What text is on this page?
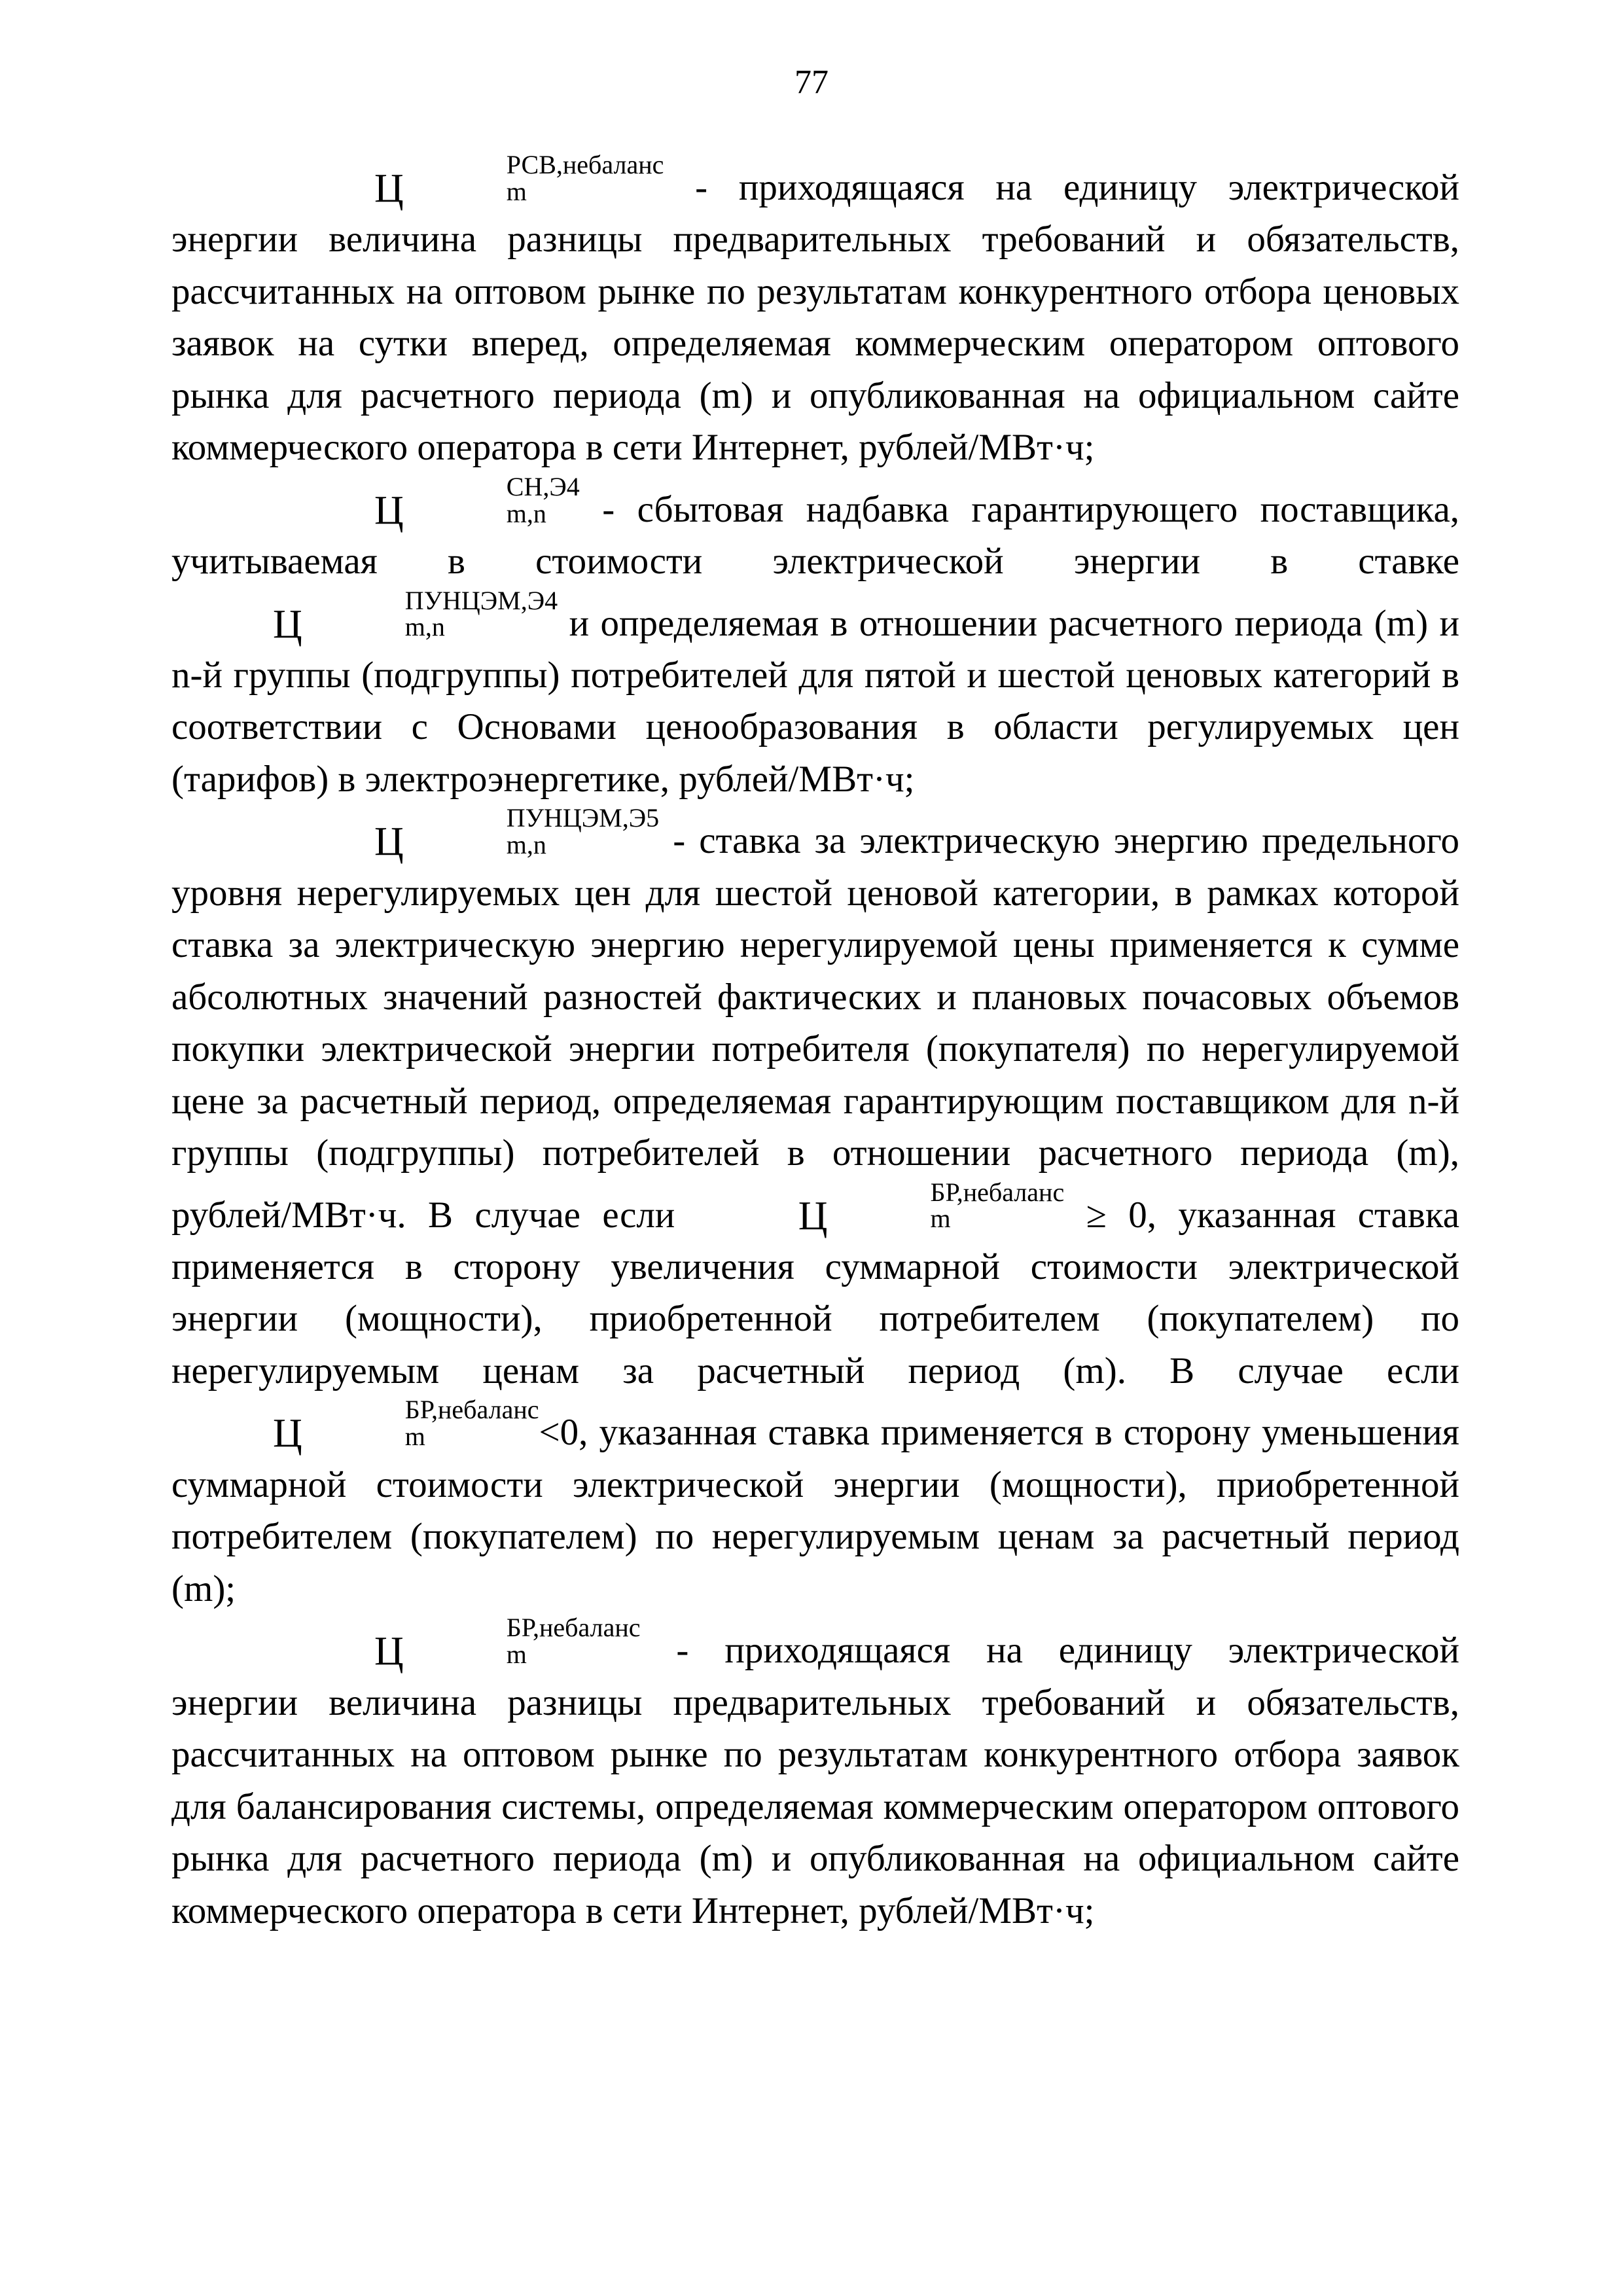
77

Ц
РСВ,небаланс
m	- приходящаяся на единицу электрической энергии величина разницы предварительных требований и обязательств, рассчитанных на оптовом рынке по результатам конкурентного отбора ценовых заявок на сутки вперед, определяемая коммерческим оператором оптового рынка для расчетного периода (m) и опубликованная на официальном сайте коммерческого оператора в сети Интернет, рублей/МВт·ч;

Ц
СН,Э4
m,n - сбытовая надбавка гарантирующего поставщика, учитываемая в стоимости электрической энергии в ставке Ц
ПУНЦЭМ,Э4
m,n	и определяемая в отношении расчетного периода (m) и n-й группы (подгруппы) потребителей для пятой и шестой ценовых категорий в соответствии с Основами ценообразования в области регулируемых цен (тарифов) в электроэнергетике, рублей/МВт·ч;

Ц
ПУНЦЭМ,Э5
m,n	- ставка за электрическую энергию предельного уровня нерегулируемых цен для шестой ценовой категории, в рамках которой ставка за электрическую энергию нерегулируемой цены применяется к сумме абсолютных значений разностей фактических и плановых почасовых объемов покупки электрической энергии потребителя (покупателя) по нерегулируемой цене за расчетный период, определяемая гарантирующим поставщиком для n-й группы (подгруппы) потребителей в отношении расчетного периода (m), рублей/МВт·ч. В случае если	Ц
БР,небаланс
m	≥ 0, указанная ставка применяется в сторону увеличения суммарной стоимости электрической энергии (мощности), приобретенной потребителем (покупателем) по нерегулируемым ценам за расчетный период (m). В случае если Ц
БР,небаланс
m	<0, указанная ставка применяется в сторону уменьшения суммарной стоимости электрической энергии (мощности), приобретенной потребителем (покупателем) по нерегулируемым ценам за расчетный период (m);

Ц
БР,небаланс
m	- приходящаяся на единицу электрической энергии величина разницы предварительных требований и обязательств, рассчитанных на оптовом рынке по результатам конкурентного отбора заявок для балансирования системы, определяемая коммерческим оператором оптового рынка для расчетного периода (m) и опубликованная на официальном сайте коммерческого оператора в сети Интернет, рублей/МВт·ч;
